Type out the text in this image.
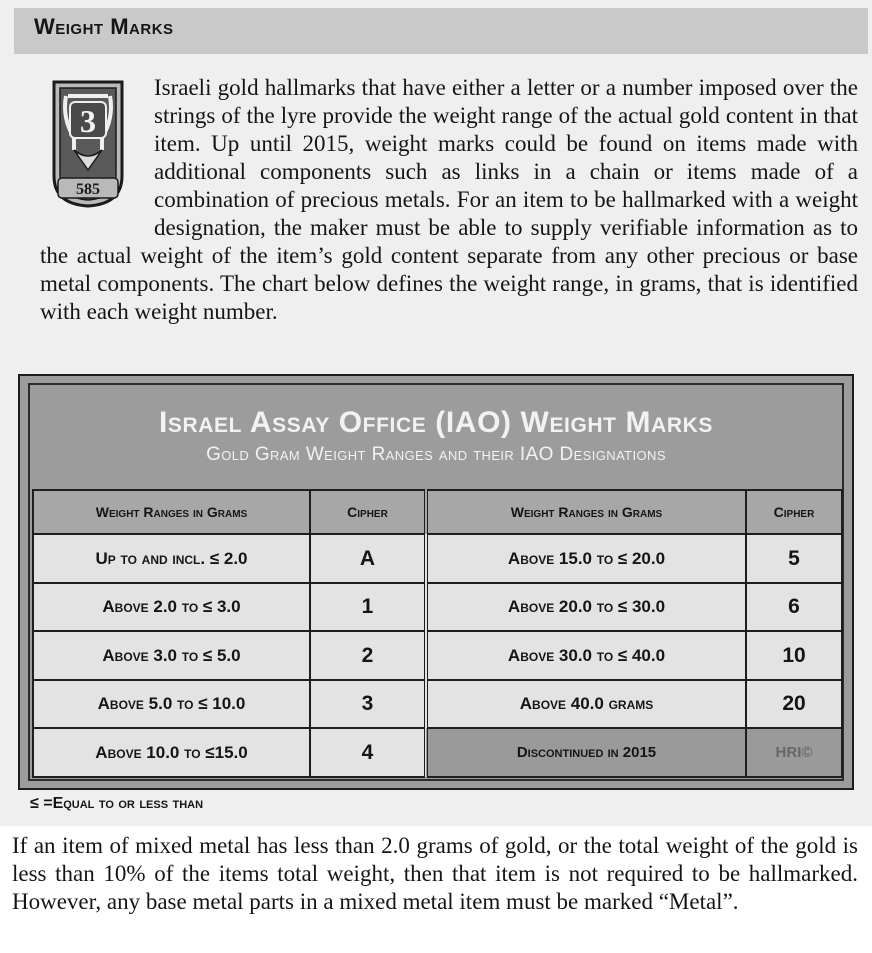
Weight Marks
3
585
Israeli gold hallmarks that have either a letter or a number imposed over the strings of the lyre provide the weight range of the actual gold content in that item. Up until 2015, weight marks could be found on items made with additional components such as links in a chain or items made of a combination of precious metals. For an item to be hallmarked with a weight designation, the maker must be able to supply verifiable information as to the actual weight of the item’s gold content separate from any other precious or base metal components. The chart below defines the weight range, in grams, that is identified with each weight number.
Israel Assay Office (IAO) Weight Marks
Gold Gram Weight Ranges and their IAO Designations
Weight Ranges in Grams	Cipher	Weight Ranges in Grams	Cipher
Up to and incl. ≤ 2.0	A	Above 15.0 to ≤ 20.0	5
Above 2.0 to ≤ 3.0	1	Above 20.0 to ≤ 30.0	6
Above 3.0 to ≤ 5.0	2	Above 30.0 to ≤ 40.0	10
Above 5.0 to ≤ 10.0	3	Above 40.0 grams	20
Above 10.0 to ≤15.0	4	Discontinued in 2015	HRI©

≤ =Equal to or less than

If an item of mixed metal has less than 2.0 grams of gold, or the total weight of the gold is less than 10% of the items total weight, then that item is not required to be hallmarked. However, any base metal parts in a mixed metal item must be marked “Metal”.
